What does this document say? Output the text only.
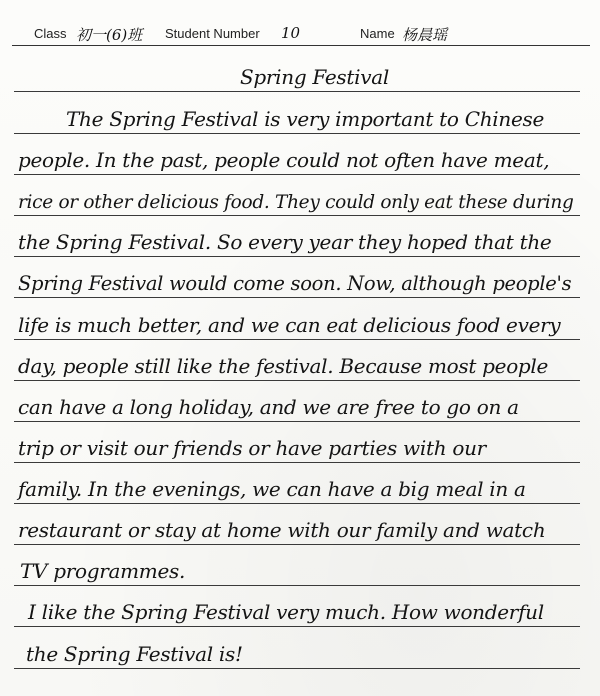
Class 初一(6)班 Student Number 10	Name 杨晨瑶
Spring Festival
The Spring Festival is very important to Chinese
people. In the past, people could not often have meat,
rice or other delicious food. They could only eat these during
the Spring Festival. So every year they hoped that the
Spring Festival would come soon. Now, although people's
life is much better, and we can eat delicious food every
day, people still like the festival. Because most people
can have a long holiday, and we are free to go on a
trip or visit our friends or have parties with our
family. In the evenings, we can have a big meal in a
restaurant or stay at home with our family and watch
TV programmes.
I like the Spring Festival very much. How wonderful
the Spring Festival is!
